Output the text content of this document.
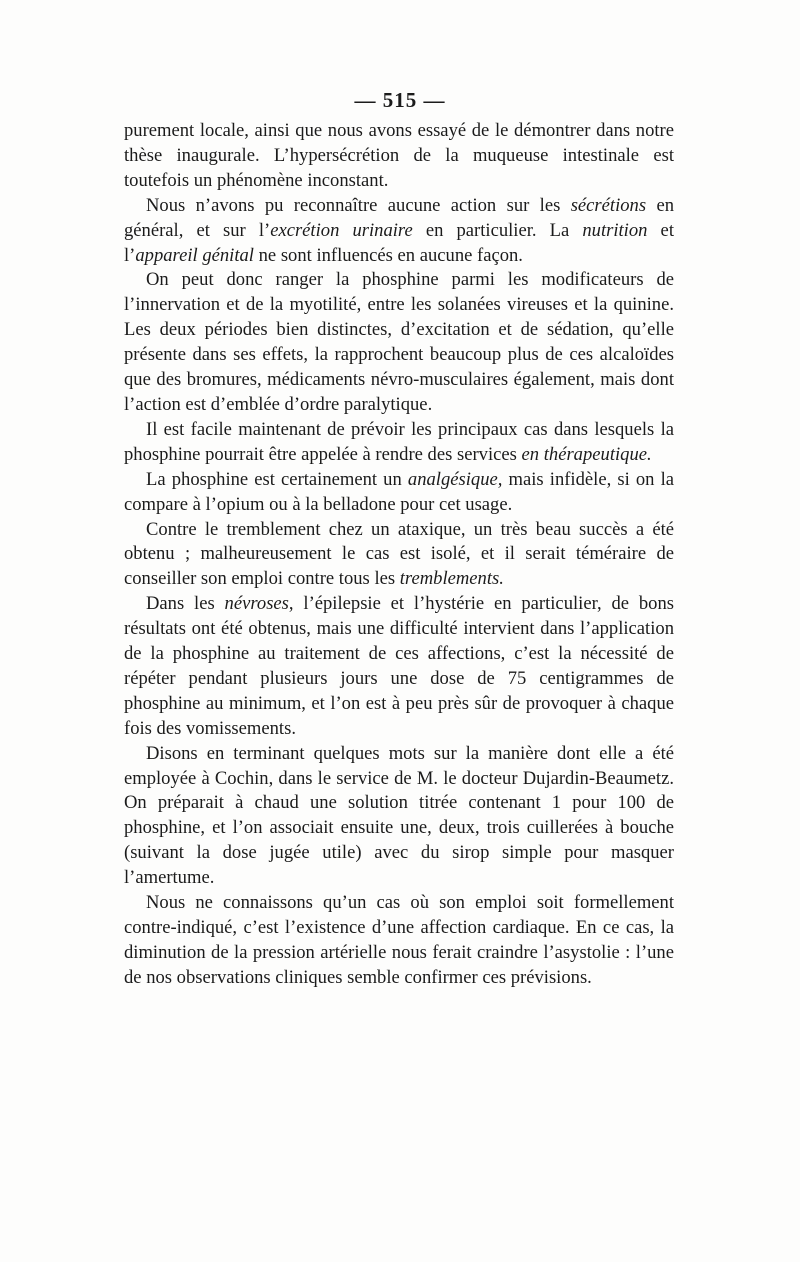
— 515 —

purement locale, ainsi que nous avons essayé de le démontrer dans notre thèse inaugurale. L’hypersécrétion de la muqueuse intestinale est toutefois un phénomène inconstant.

Nous n’avons pu reconnaître aucune action sur les sécrétions en général, et sur l’excrétion urinaire en particulier. La nutrition et l’appareil génital ne sont influencés en aucune façon.

On peut donc ranger la phosphine parmi les modificateurs de l’innervation et de la myotilité, entre les solanées vireuses et la quinine. Les deux périodes bien distinctes, d’excitation et de sédation, qu’elle présente dans ses effets, la rapprochent beaucoup plus de ces alcaloïdes que des bromures, médicaments névro-musculaires également, mais dont l’action est d’emblée d’ordre paralytique.

Il est facile maintenant de prévoir les principaux cas dans lesquels la phosphine pourrait être appelée à rendre des services en thérapeutique.

La phosphine est certainement un analgésique, mais infidèle, si on la compare à l’opium ou à la belladone pour cet usage.

Contre le tremblement chez un ataxique, un très beau succès a été obtenu ; malheureusement le cas est isolé, et il serait téméraire de conseiller son emploi contre tous les tremblements.

Dans les névroses, l’épilepsie et l’hystérie en particulier, de bons résultats ont été obtenus, mais une difficulté intervient dans l’application de la phosphine au traitement de ces affections, c’est la nécessité de répéter pendant plusieurs jours une dose de 75 centigrammes de phosphine au minimum, et l’on est à peu près sûr de provoquer à chaque fois des vomissements.

Disons en terminant quelques mots sur la manière dont elle a été employée à Cochin, dans le service de M. le docteur Dujardin-Beaumetz. On préparait à chaud une solution titrée contenant 1 pour 100 de phosphine, et l’on associait ensuite une, deux, trois cuillerées à bouche (suivant la dose jugée utile) avec du sirop simple pour masquer l’amertume.

Nous ne connaissons qu’un cas où son emploi soit formellement contre-indiqué, c’est l’existence d’une affection cardiaque. En ce cas, la diminution de la pression artérielle nous ferait craindre l’asystolie : l’une de nos observations cliniques semble confirmer ces prévisions.
